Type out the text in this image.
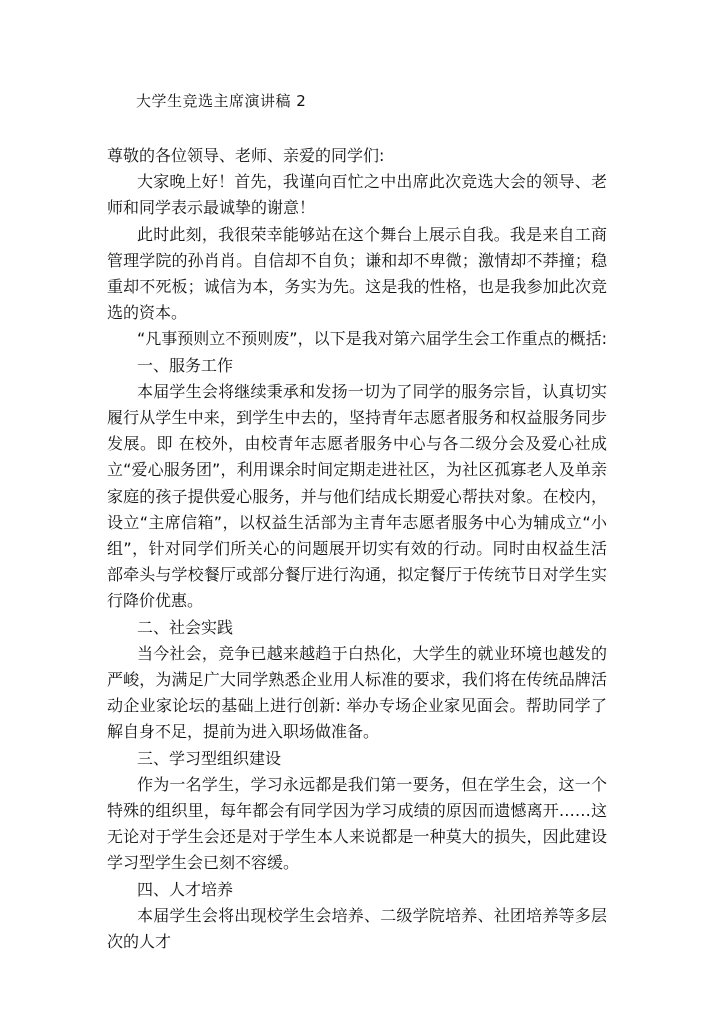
大学生竞选主席演讲稿 2

尊敬的各位领导、老师、亲爱的同学们:

大家晚上好！首先，我谨向百忙之中出席此次竞选大会的领导、老师和同学表示最诚挚的谢意！

此时此刻，我很荣幸能够站在这个舞台上展示自我。我是来自工商管理学院的孙肖肖。自信却不自负；谦和却不卑微；激情却不莽撞；稳重却不死板；诚信为本，务实为先。这是我的性格，也是我参加此次竞选的资本。

“凡事预则立不预则废”，以下是我对第六届学生会工作重点的概括:

一、服务工作

本届学生会将继续秉承和发扬一切为了同学的服务宗旨，认真切实履行从学生中来，到学生中去的，坚持青年志愿者服务和权益服务同步发展。即 在校外，由校青年志愿者服务中心与各二级分会及爱心社成立“爱心服务团”，利用课余时间定期走进社区，为社区孤寡老人及单亲家庭的孩子提供爱心服务，并与他们结成长期爱心帮扶对象。在校内，设立“主席信箱”，以权益生活部为主青年志愿者服务中心为辅成立“小组”，针对同学们所关心的问题展开切实有效的行动。同时由权益生活部牵头与学校餐厅或部分餐厅进行沟通，拟定餐厅于传统节日对学生实行降价优惠。

二、社会实践

当今社会，竞争已越来越趋于白热化，大学生的就业环境也越发的严峻，为满足广大同学熟悉企业用人标准的要求，我们将在传统品牌活动企业家论坛的基础上进行创新: 举办专场企业家见面会。帮助同学了解自身不足，提前为进入职场做准备。

三、学习型组织建设

作为一名学生，学习永远都是我们第一要务，但在学生会，这一个特殊的组织里，每年都会有同学因为学习成绩的原因而遗憾离开……这无论对于学生会还是对于学生本人来说都是一种莫大的损失，因此建设学习型学生会已刻不容缓。

四、人才培养

本届学生会将出现校学生会培养、二级学院培养、社团培养等多层次的人才
